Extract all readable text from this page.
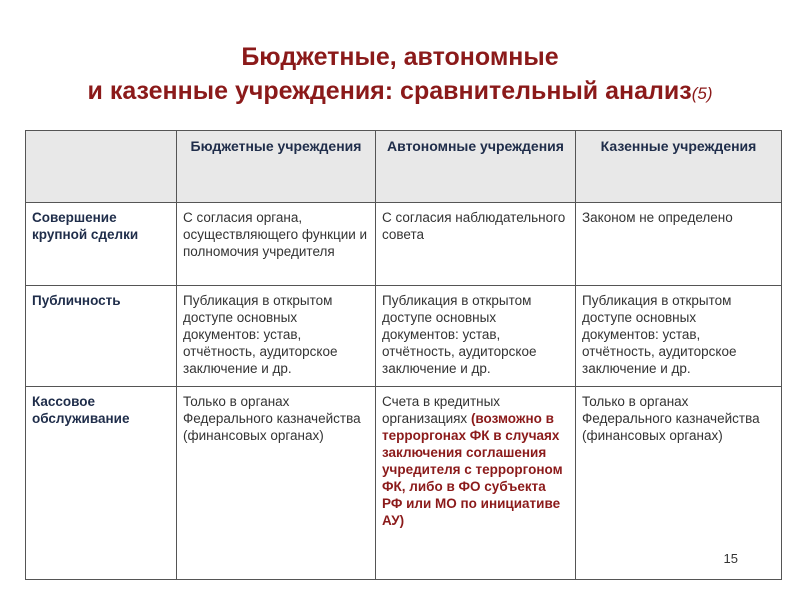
Бюджетные, автономные
и казенные учреждения: сравнительный анализ(5)
	Бюджетные учреждения	Автономные учреждения	Казенные учреждения
Совершение крупной сделки	С согласия органа, осуществляющего функции и полномочия учредителя	С согласия наблюдательного совета	Законом не определено
Публичность	Публикация в открытом доступе основных документов: устав, отчётность, аудиторское заключение и др.	Публикация в открытом доступе основных документов: устав, отчётность, аудиторское заключение и др.	Публикация в открытом доступе основных документов: устав, отчётность, аудиторское заключение и др.
Кассовое обслуживание	Только в органах Федерального казначейства (финансовых органах)	Счета в кредитных организациях (возможно в терроргонах ФК в случаях заключения соглашения учредителя с терроргоном ФК, либо в ФО субъекта РФ или МО по инициативе АУ)	Только в органах Федерального казначейства (финансовых органах)
15
